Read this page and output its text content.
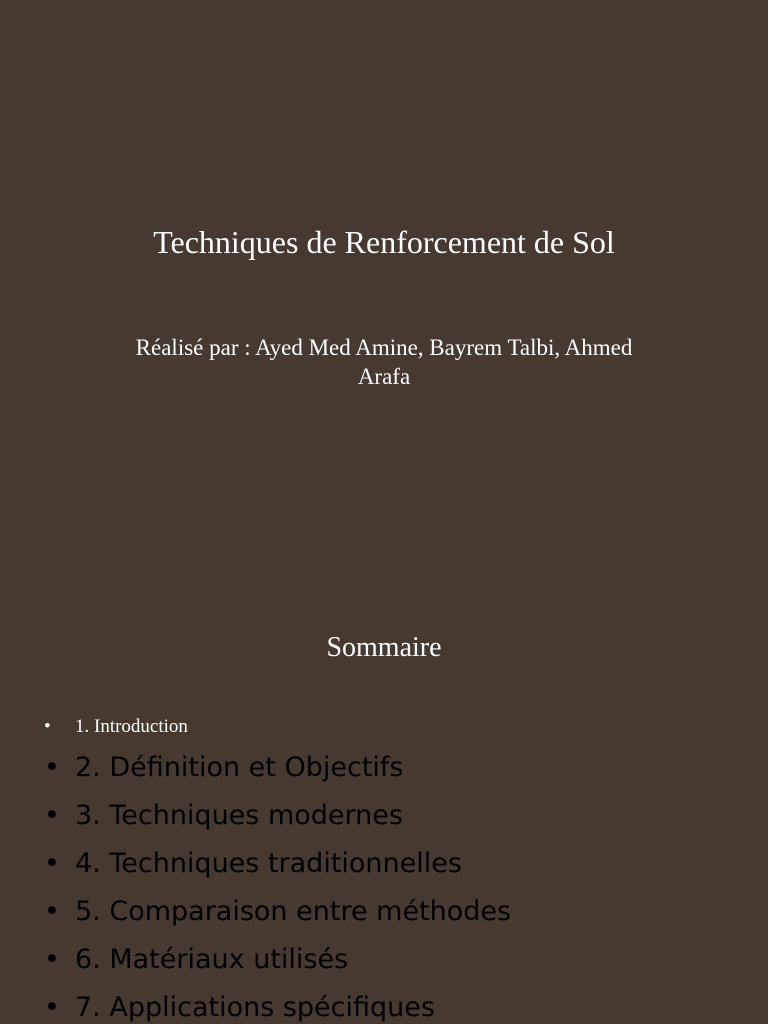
Techniques de Renforcement de Sol
Réalisé par : Ayed Med Amine, Bayrem Talbi, Ahmed Arafa
Sommaire
•	1. Introduction
• 2. Définition et Objectifs
• 3. Techniques modernes
• 4. Techniques traditionnelles
• 5. Comparaison entre méthodes
• 6. Matériaux utilisés
• 7. Applications spécifiques
